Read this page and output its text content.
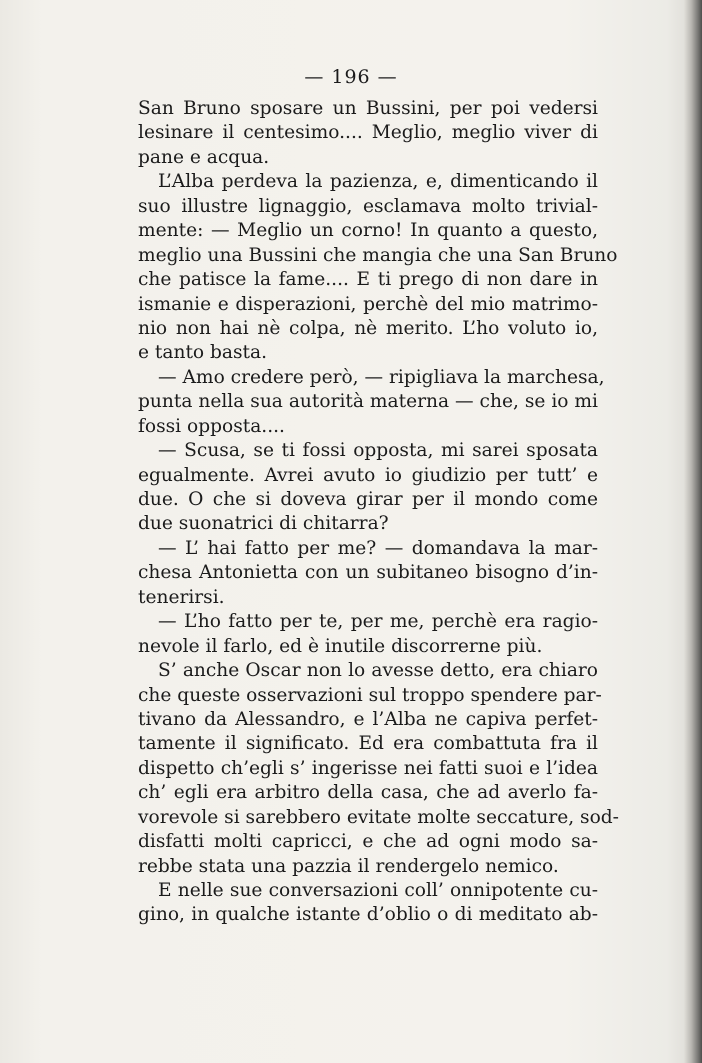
— 196 —
San Bruno sposare un Bussini, per poi vedersi
lesinare il centesimo.... Meglio, meglio viver di
pane e acqua.
L’Alba perdeva la pazienza, e, dimenticando il
suo illustre lignaggio, esclamava molto trivial-
mente: — Meglio un corno! In quanto a questo,
meglio una Bussini che mangia che una San Bruno
che patisce la fame.... E ti prego di non dare in
ismanie e disperazioni, perchè del mio matrimo-
nio non hai nè colpa, nè merito. L’ho voluto io,
e tanto basta.
— Amo credere però, — ripigliava la marchesa,
punta nella sua autorità materna — che, se io mi
fossi opposta....
— Scusa, se ti fossi opposta, mi sarei sposata
egualmente. Avrei avuto io giudizio per tutt’ e
due. O che si doveva girar per il mondo come
due suonatrici di chitarra?
— L’ hai fatto per me? — domandava la mar-
chesa Antonietta con un subitaneo bisogno d’in-
tenerirsi.
— L’ho fatto per te, per me, perchè era ragio-
nevole il farlo, ed è inutile discorrerne più.
S’ anche Oscar non lo avesse detto, era chiaro
che queste osservazioni sul troppo spendere par-
tivano da Alessandro, e l’Alba ne capiva perfet-
tamente il significato. Ed era combattuta fra il
dispetto ch’egli s’ ingerisse nei fatti suoi e l’idea
ch’ egli era arbitro della casa, che ad averlo fa-
vorevole si sarebbero evitate molte seccature, sod-
disfatti molti capricci, e che ad ogni modo sa-
rebbe stata una pazzia il rendergelo nemico.
E nelle sue conversazioni coll’ onnipotente cu-
gino, in qualche istante d’oblio o di meditato ab-
